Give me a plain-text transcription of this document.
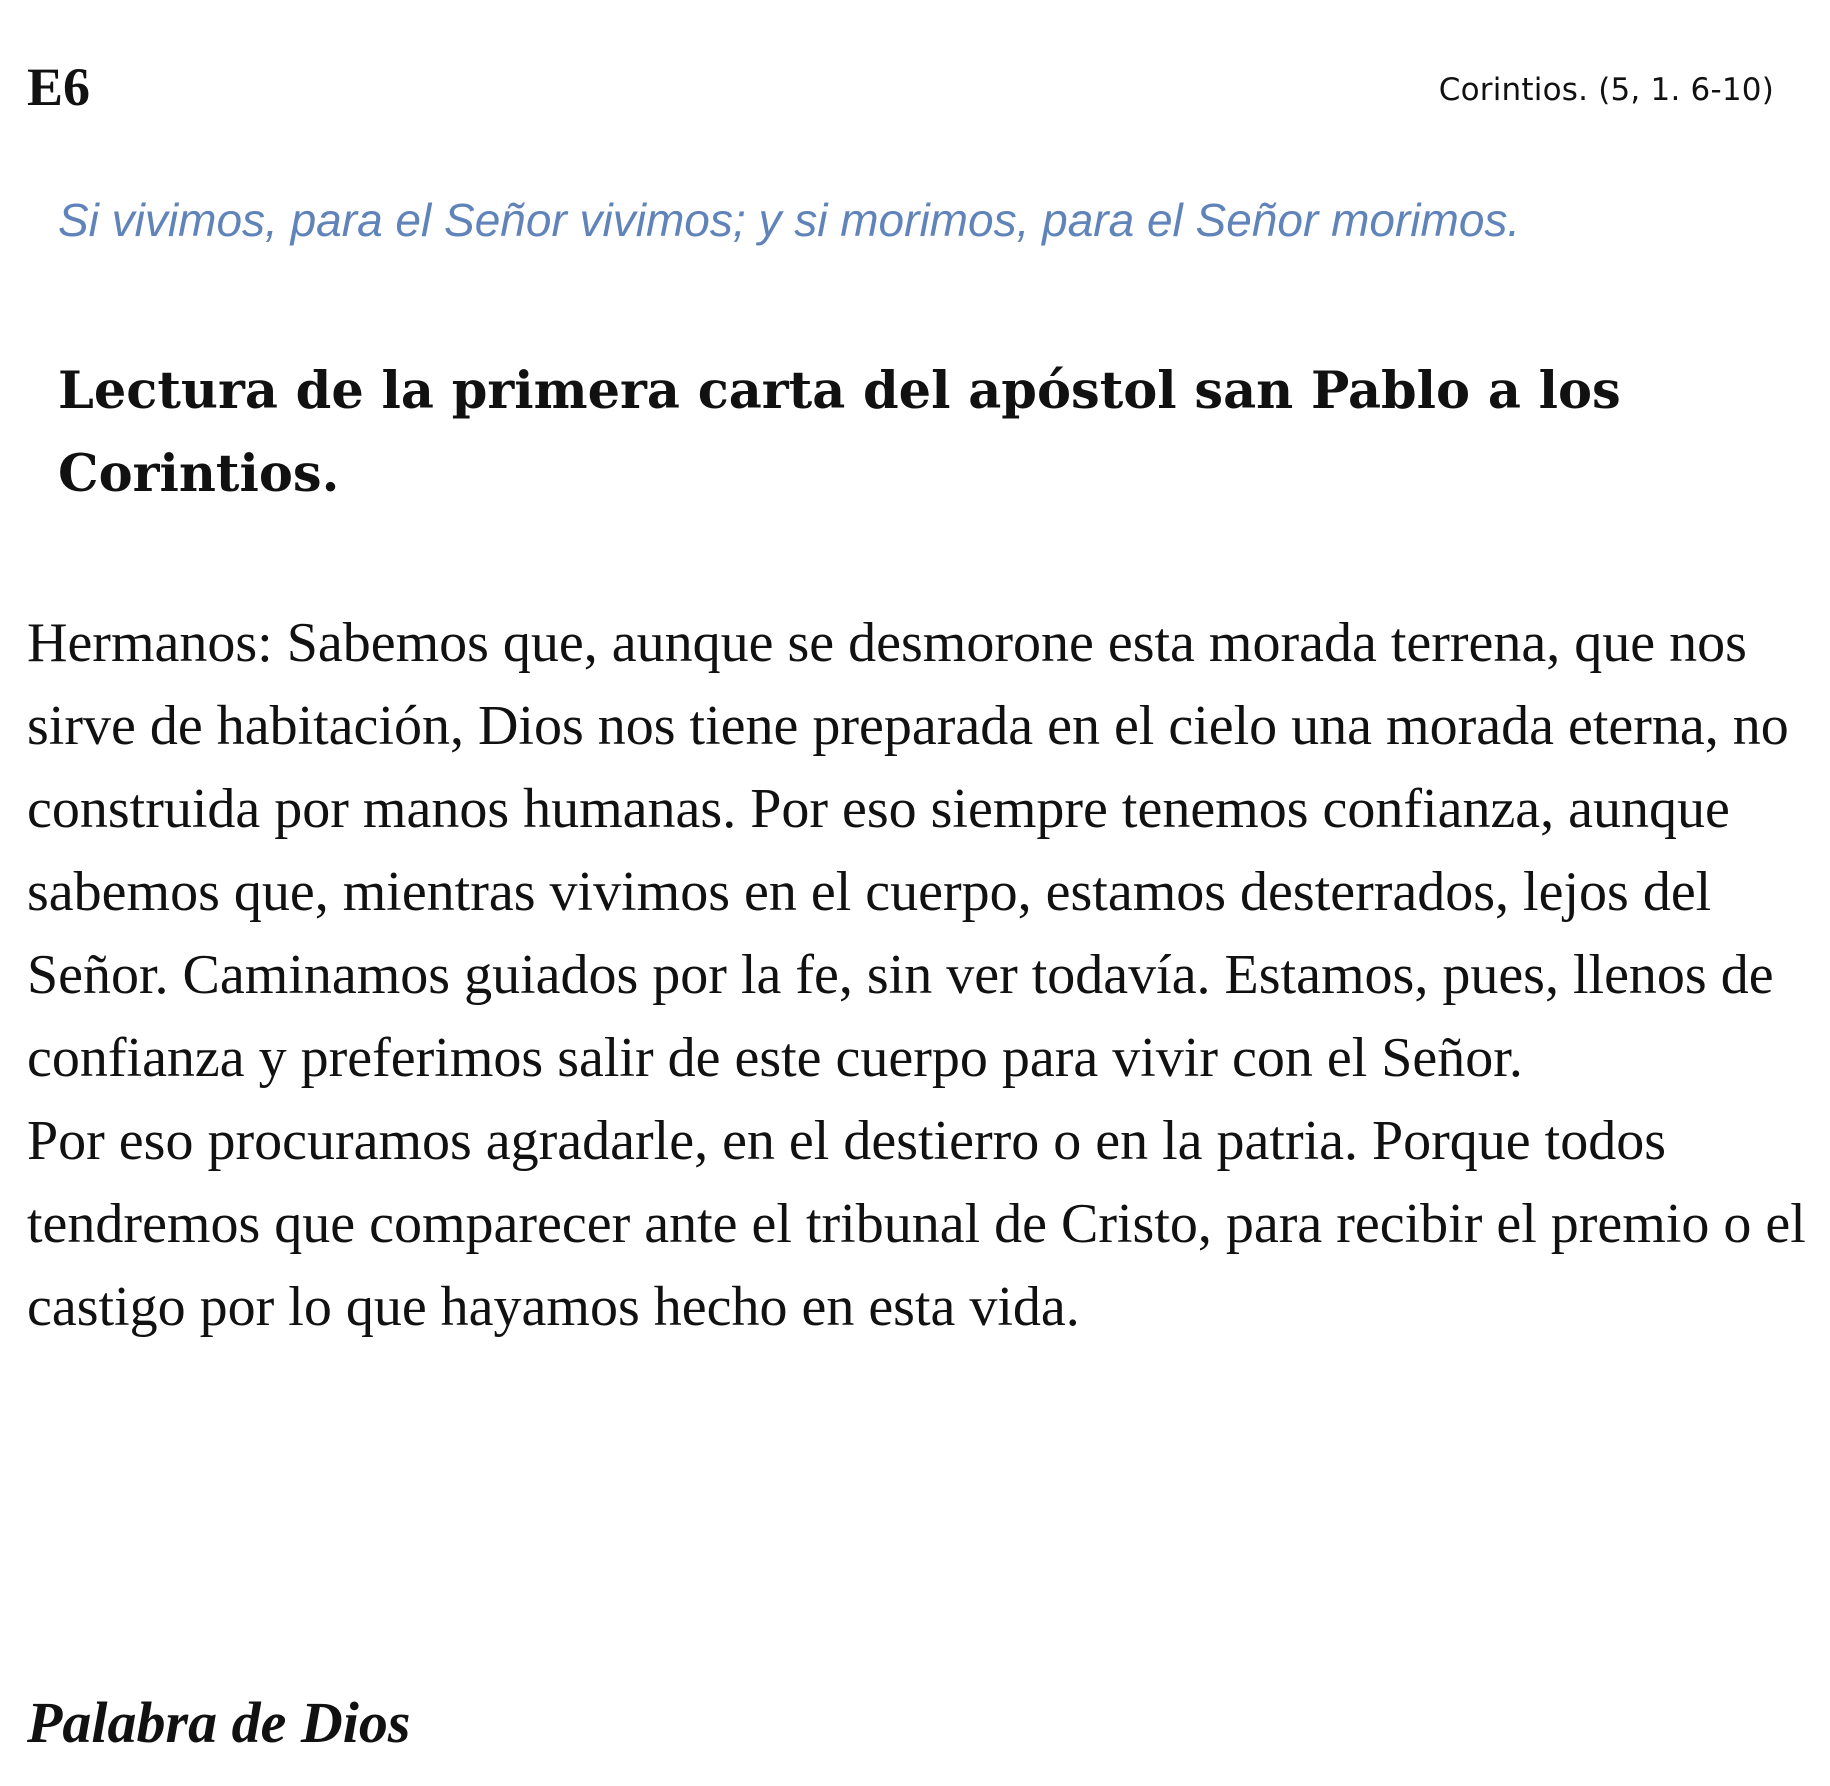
E6	Corintios. (5, 1. 6-10)

Si vivimos, para el Señor vivimos; y si morimos, para el Señor morimos.

Lectura de la primera carta del apóstol san Pablo a los Corintios.

Hermanos: Sabemos que, aunque se desmorone esta morada terrena, que nos sirve de habitación, Dios nos tiene preparada en el cielo una morada eterna, no construida por manos humanas. Por eso siempre tenemos confianza, aunque sabemos que, mientras vivimos en el cuerpo, estamos desterrados, lejos del Señor. Caminamos guiados por la fe, sin ver todavía. Estamos, pues, llenos de confianza y preferimos salir de este cuerpo para vivir con el Señor.

Por eso procuramos agradarle, en el destierro o en la patria. Porque todos tendremos que comparecer ante el tribunal de Cristo, para recibir el premio o el castigo por lo que hayamos hecho en esta vida.

Palabra de Dios
